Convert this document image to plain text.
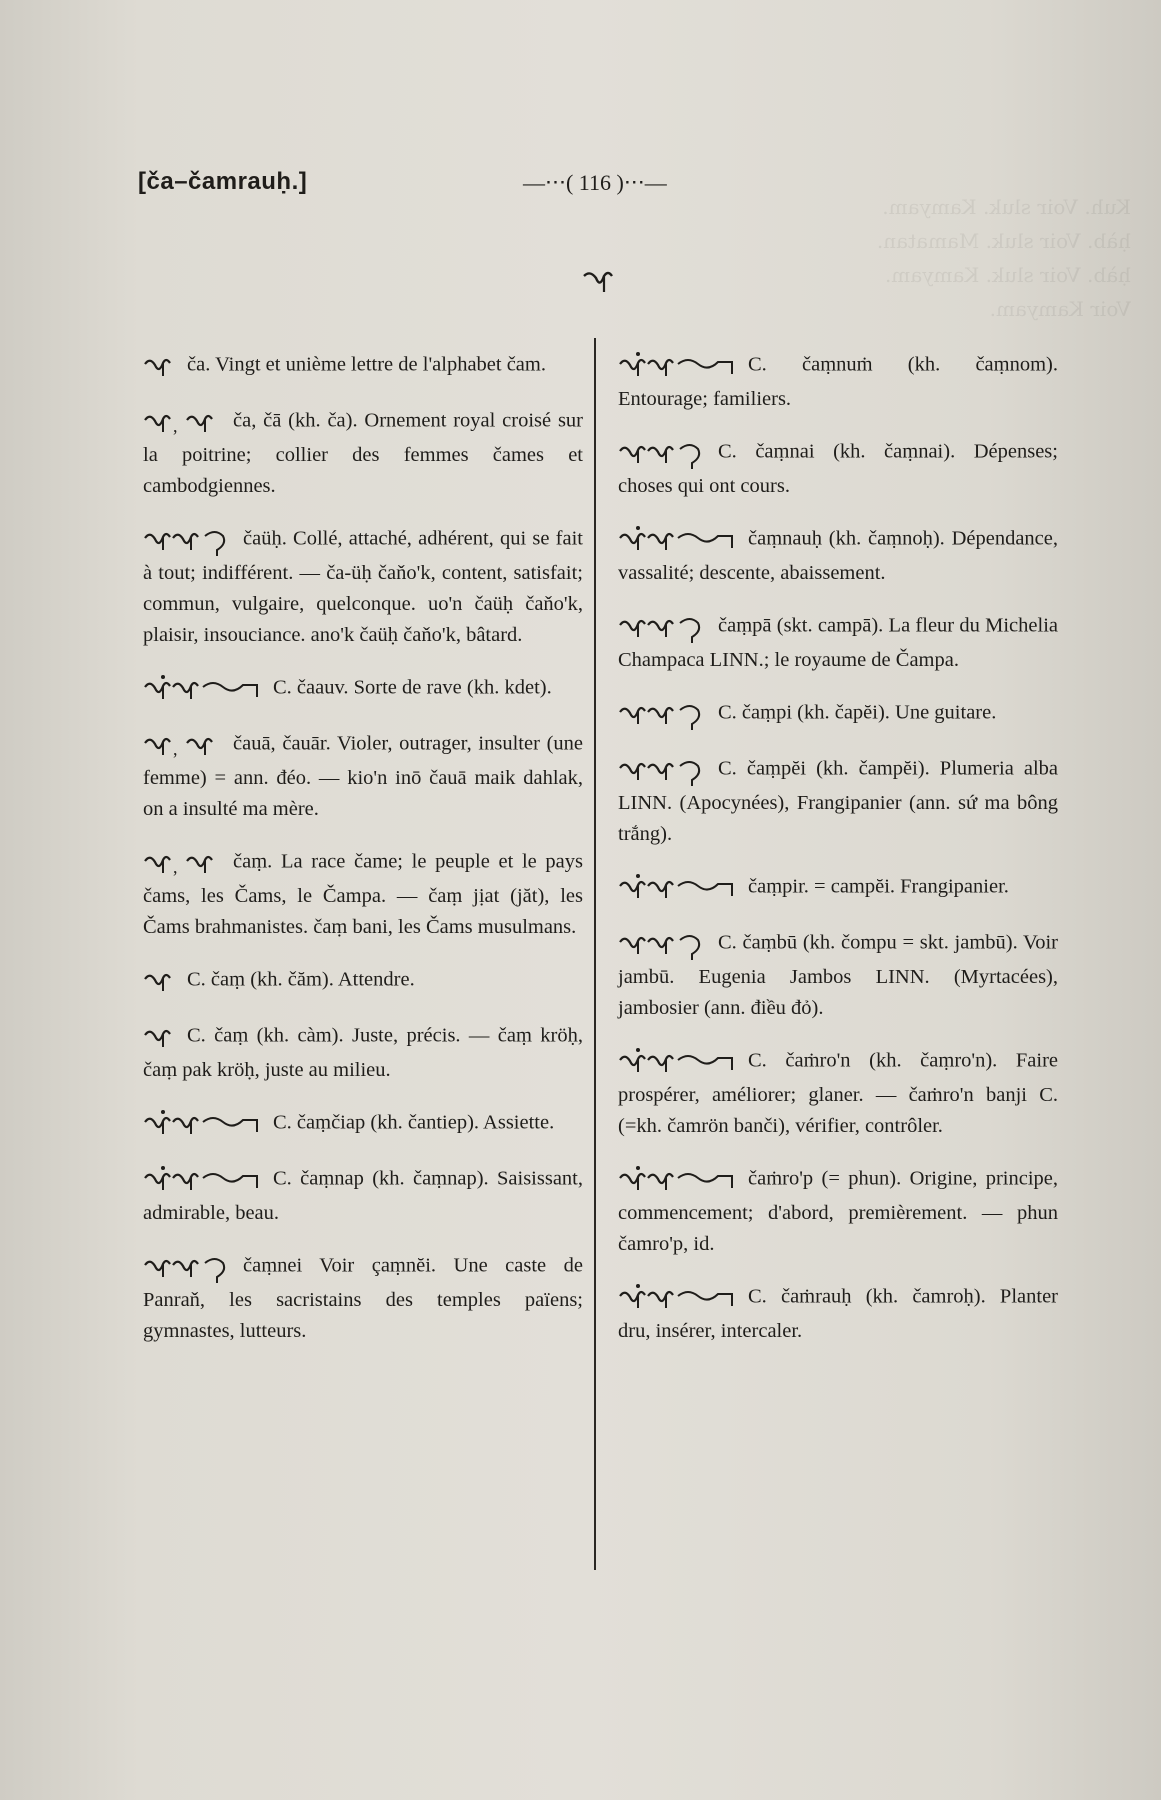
Kuh. Voir sluk. Kamyam.
ḥàb. Voir sluk. Mamatan.
ḥàb. Voir sluk. Kamyam.
Voir Kamyam.
[ča–čamrauḥ.]	—⋅⋅⋅( 116 )⋅⋅⋅—
ča. Vingt et unième lettre de l'alphabet čam.
,	ča, čā (kh. ča). Ornement royal croisé sur la poitrine; collier des femmes čames et cambodgiennes.
čaüḥ. Collé, attaché, adhérent, qui se fait à tout; indifférent. — ča-üḥ čaňo'k, content, satisfait; commun, vulgaire, quelconque. uo'n čaüḥ čaňo'k, plaisir, insouciance. ano'k čaüḥ čaňo'k, bâtard.
C. čaauv. Sorte de rave (kh. kdet).
,	čauā, čauār. Violer, outrager, insulter (une femme) = ann. đéo. — kio'n inō čauā maik dahlak, on a insulté ma mère.
,	čaṃ. La race čame; le peuple et le pays čams, les Čams, le Čampa. — čaṃ jịat (jăt), les Čams brahmanistes. čaṃ bani, les Čams musulmans.
C. čaṃ (kh. čăm). Attendre.
C. čaṃ (kh. càm). Juste, précis. — čaṃ kröḥ, čaṃ pak kröḥ, juste au milieu.
C. čaṃčiap (kh. čantiep). Assiette.
C. čaṃnap (kh. čaṃnap). Saisissant, admirable, beau.
čaṃnei Voir çaṃnĕi. Une caste de Panraň, les sacristains des temples païens; gymnastes, lutteurs.
C. čaṃnuṁ (kh. čaṃnom). Entourage; familiers.
C. čaṃnai (kh. čaṃnai). Dépenses; choses qui ont cours.
čaṃnauḥ (kh. čaṃnoḥ). Dépendance, vassalité; descente, abaissement.
čaṃpā (skt. campā). La fleur du Michelia Champaca LINN.; le royaume de Čampa.
C. čaṃpi (kh. čapĕi). Une guitare.
C. čaṃpĕi (kh. čampĕi). Plumeria alba LINN. (Apocynées), Frangipanier (ann. sứ ma bông trắng).
čaṃpir. = campĕi. Frangipanier.
C. čaṃbū (kh. čompu = skt. jambū). Voir jambū. Eugenia Jambos LINN. (Myrtacées), jambosier (ann. điều đỏ).
C. čaṁro'n (kh. čaṃro'n). Faire prospérer, améliorer; glaner. — čaṁro'n banji C. (=kh. čamrön banči), vérifier, contrôler.
čaṁro'p (= phun). Origine, principe, commencement; d'abord, premièrement. — phun čamro'p, id.
C. čaṁrauḥ (kh. čamroḥ). Planter dru, insérer, intercaler.
